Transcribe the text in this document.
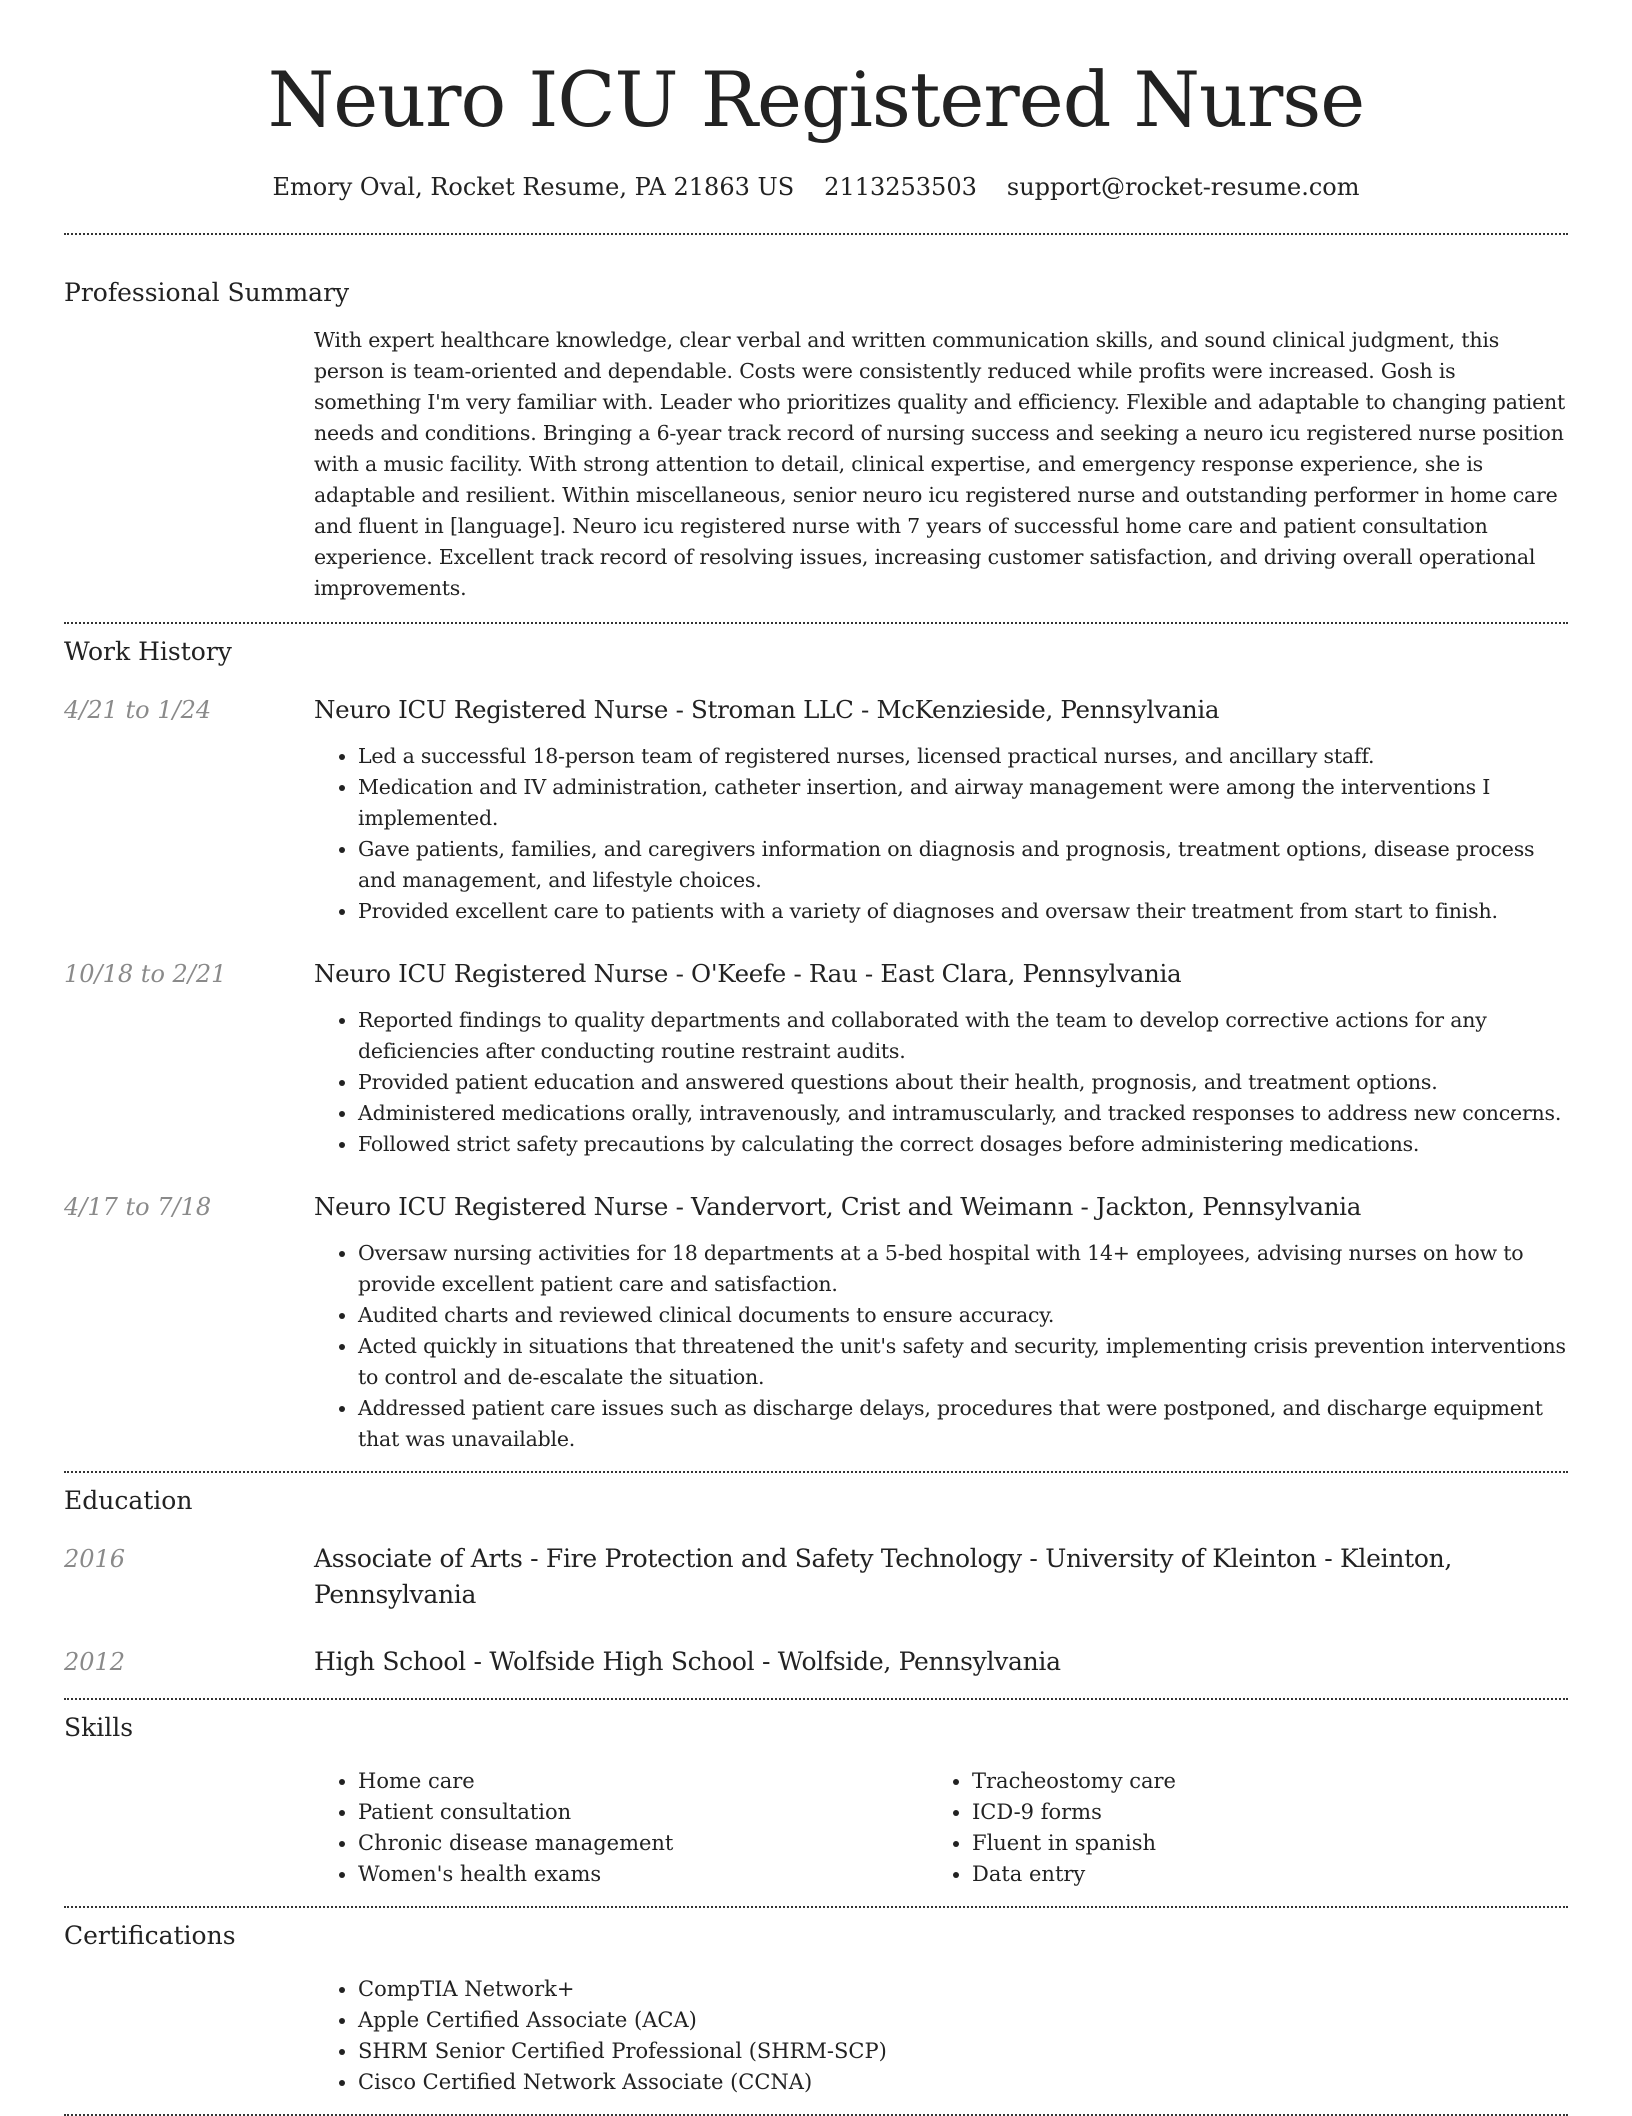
Neuro ICU Registered Nurse
Emory Oval, Rocket Resume, PA 21863 US 2113253503 support@rocket-resume.com
Professional Summary
With expert healthcare knowledge, clear verbal and written communication skills, and sound clinical judgment, this person is team-oriented and dependable. Costs were consistently reduced while profits were increased. Gosh is something I'm very familiar with. Leader who prioritizes quality and efficiency. Flexible and adaptable to changing patient needs and conditions. Bringing a 6-year track record of nursing success and seeking a neuro icu registered nurse position with a music facility. With strong attention to detail, clinical expertise, and emergency response experience, she is adaptable and resilient. Within miscellaneous, senior neuro icu registered nurse and outstanding performer in home care and fluent in [language]. Neuro icu registered nurse with 7 years of successful home care and patient consultation experience. Excellent track record of resolving issues, increasing customer satisfaction, and driving overall operational improvements.
Work History
4/21 to 1/24	Neuro ICU Registered Nurse - Stroman LLC - McKenzieside, Pennsylvania
• Led a successful 18-person team of registered nurses, licensed practical nurses, and ancillary staff.
• Medication and IV administration, catheter insertion, and airway management were among the interventions I implemented.
• Gave patients, families, and caregivers information on diagnosis and prognosis, treatment options, disease process and management, and lifestyle choices.
• Provided excellent care to patients with a variety of diagnoses and oversaw their treatment from start to finish.
10/18 to 2/21	Neuro ICU Registered Nurse - O'Keefe - Rau - East Clara, Pennsylvania
• Reported findings to quality departments and collaborated with the team to develop corrective actions for any deficiencies after conducting routine restraint audits.
• Provided patient education and answered questions about their health, prognosis, and treatment options.
• Administered medications orally, intravenously, and intramuscularly, and tracked responses to address new concerns.
• Followed strict safety precautions by calculating the correct dosages before administering medications.
4/17 to 7/18	Neuro ICU Registered Nurse - Vandervort, Crist and Weimann - Jackton, Pennsylvania
• Oversaw nursing activities for 18 departments at a 5-bed hospital with 14+ employees, advising nurses on how to provide excellent patient care and satisfaction.
• Audited charts and reviewed clinical documents to ensure accuracy.
• Acted quickly in situations that threatened the unit's safety and security, implementing crisis prevention interventions to control and de-escalate the situation.
• Addressed patient care issues such as discharge delays, procedures that were postponed, and discharge equipment that was unavailable.
Education
2016	Associate of Arts - Fire Protection and Safety Technology - University of Kleinton - Kleinton, Pennsylvania
2012	High School - Wolfside High School - Wolfside, Pennsylvania
Skills
• Home care
• Patient consultation
• Chronic disease management
• Women's health exams
• Tracheostomy care
• ICD-9 forms
• Fluent in spanish
• Data entry
Certifications
• CompTIA Network+
• Apple Certified Associate (ACA)
• SHRM Senior Certified Professional (SHRM-SCP)
• Cisco Certified Network Associate (CCNA)
